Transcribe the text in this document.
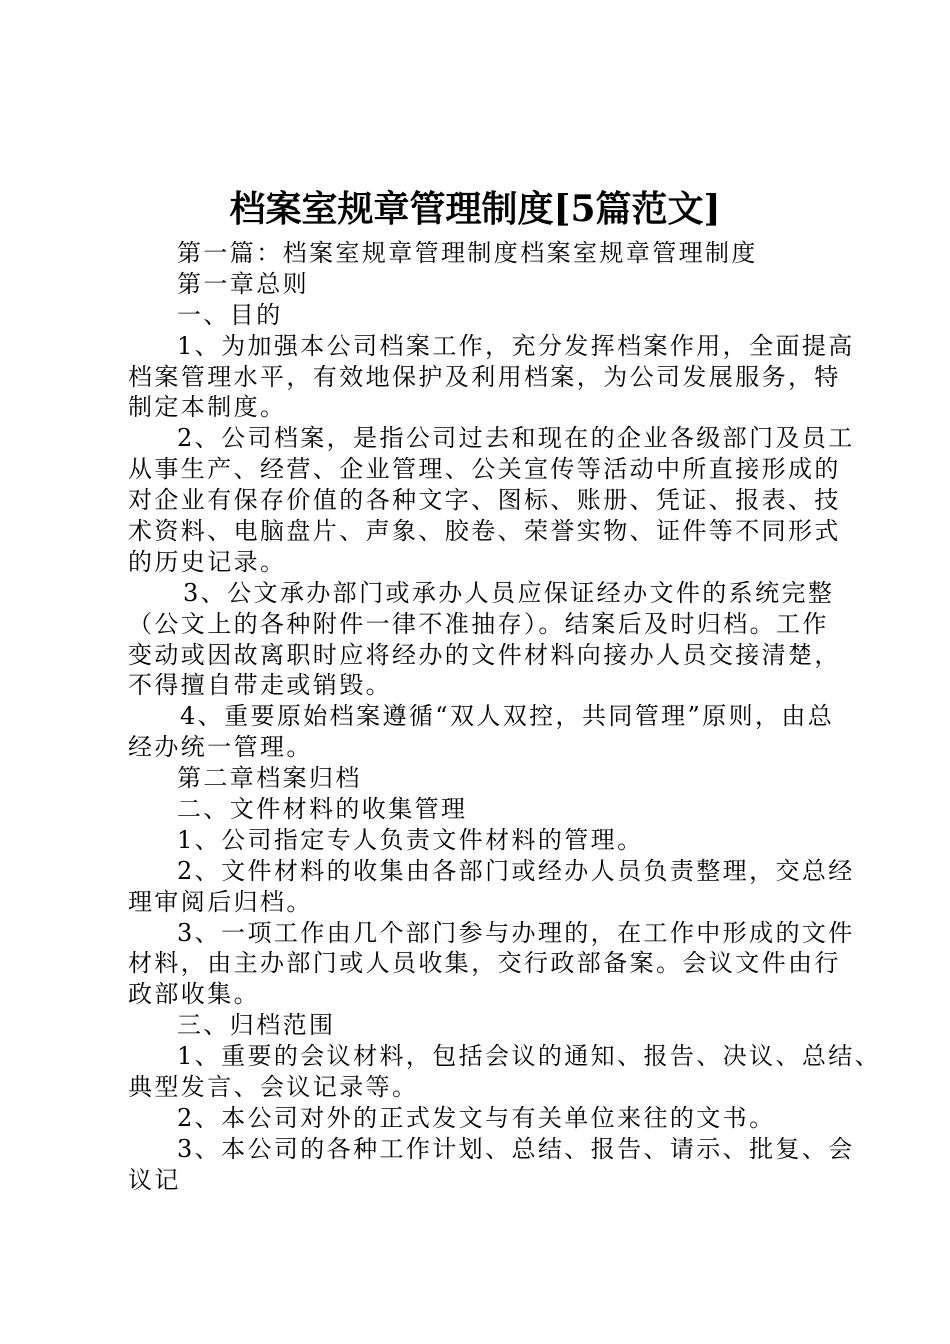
档案室规章管理制度[5篇范文]

第一篇：档案室规章管理制度档案室规章管理制度

第一章总则

一、目的

1、为加强本公司档案工作，充分发挥档案作用，全面提高

档案管理水平，有效地保护及利用档案，为公司发展服务，特

制定本制度。

2、公司档案，是指公司过去和现在的企业各级部门及员工

从事生产、经营、企业管理、公关宣传等活动中所直接形成的

对企业有保存价值的各种文字、图标、账册、凭证、报表、技

术资料、电脑盘片、声象、胶卷、荣誉实物、证件等不同形式

的历史记录。

3、公文承办部门或承办人员应保证经办文件的系统完整

（公文上的各种附件一律不准抽存）。结案后及时归档。工作

变动或因故离职时应将经办的文件材料向接办人员交接清楚，

不得擅自带走或销毁。

4、重要原始档案遵循“双人双控，共同管理”原则，由总

经办统一管理。

第二章档案归档

二、文件材料的收集管理

1、公司指定专人负责文件材料的管理。

2、文件材料的收集由各部门或经办人员负责整理，交总经

理审阅后归档。

3、一项工作由几个部门参与办理的，在工作中形成的文件

材料，由主办部门或人员收集，交行政部备案。会议文件由行

政部收集。

三、归档范围

1、重要的会议材料，包括会议的通知、报告、决议、总结、

典型发言、会议记录等。

2、本公司对外的正式发文与有关单位来往的文书。

3、本公司的各种工作计划、总结、报告、请示、批复、会

议记
